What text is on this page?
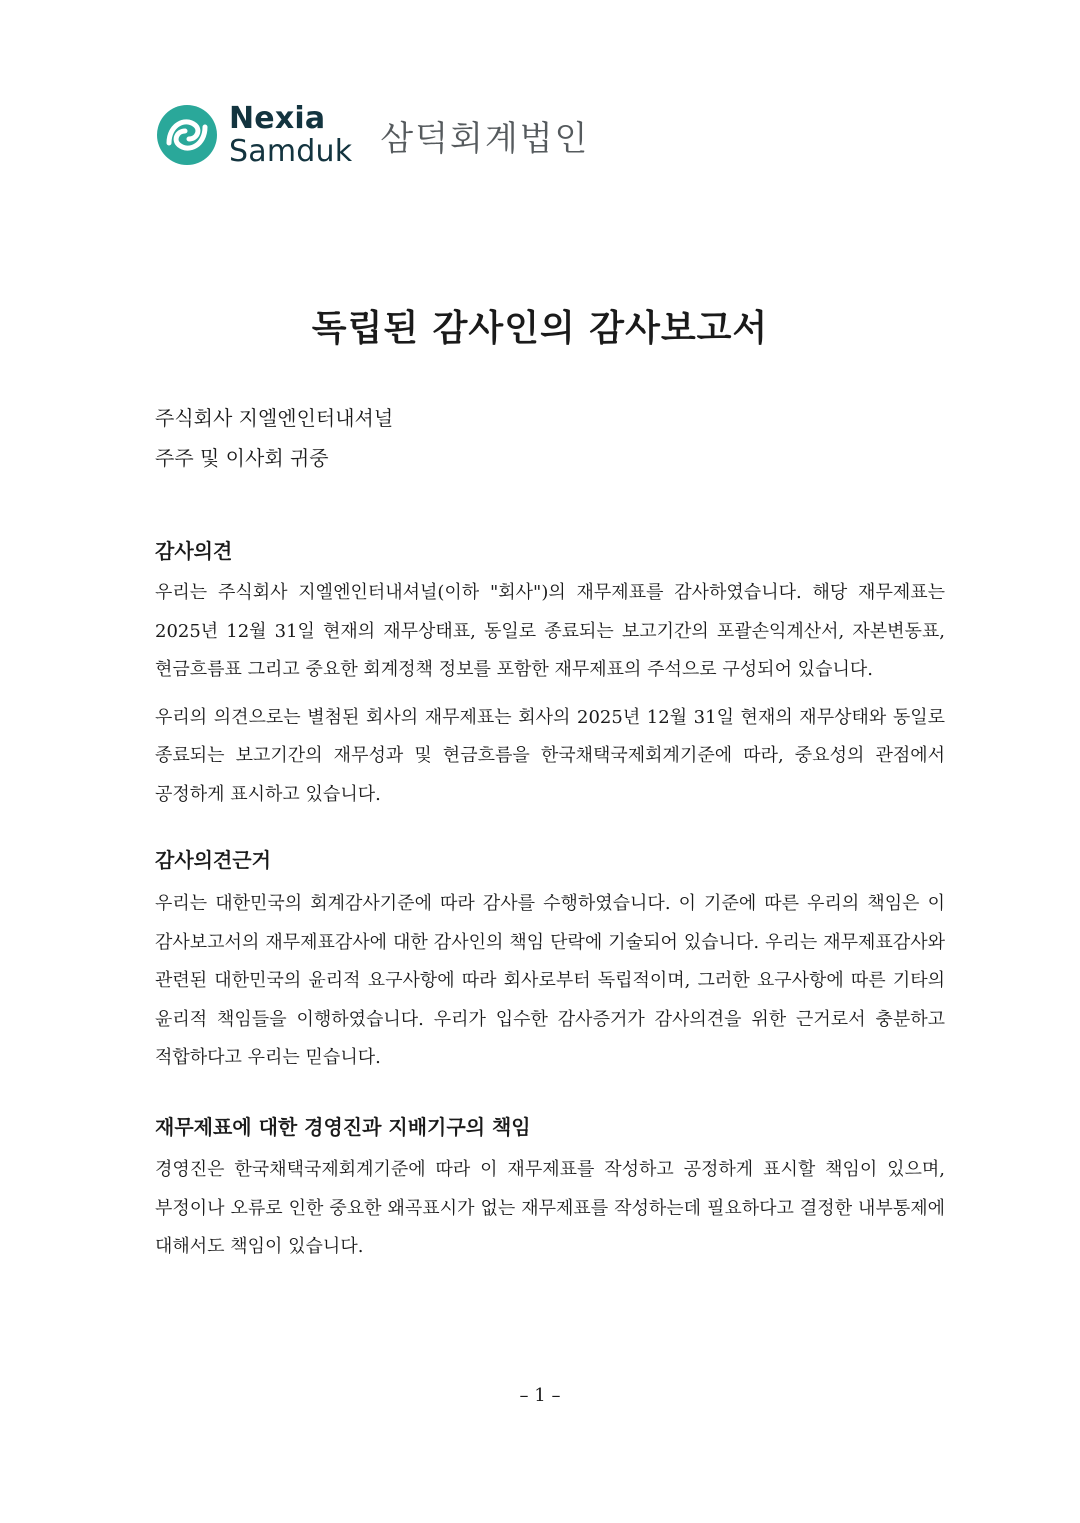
Nexia
Samduk 삼덕회계법인
독립된 감사인의 감사보고서
주식회사 지엘엔인터내셔널
주주 및 이사회 귀중
감사의견

우리는 주식회사 지엘엔인터내셔널(이하 "회사")의 재무제표를 감사하였습니다. 해당 재무제표는 2025년 12월 31일 현재의 재무상태표, 동일로 종료되는 보고기간의 포괄손익계산서, 자본변동표, 현금흐름표 그리고 중요한 회계정책 정보를 포함한 재무제표의 주석으로 구성되어 있습니다.

우리의 의견으로는 별첨된 회사의 재무제표는 회사의 2025년 12월 31일 현재의 재무상태와 동일로 종료되는 보고기간의 재무성과 및 현금흐름을 한국채택국제회계기준에 따라, 중요성의 관점에서 공정하게 표시하고 있습니다.

감사의견근거

우리는 대한민국의 회계감사기준에 따라 감사를 수행하였습니다. 이 기준에 따른 우리의 책임은 이 감사보고서의 재무제표감사에 대한 감사인의 책임 단락에 기술되어 있습니다. 우리는 재무제표감사와 관련된 대한민국의 윤리적 요구사항에 따라 회사로부터 독립적이며, 그러한 요구사항에 따른 기타의 윤리적 책임들을 이행하였습니다. 우리가 입수한 감사증거가 감사의견을 위한 근거로서 충분하고 적합하다고 우리는 믿습니다.

재무제표에 대한 경영진과 지배기구의 책임

경영진은 한국채택국제회계기준에 따라 이 재무제표를 작성하고 공정하게 표시할 책임이 있으며, 부정이나 오류로 인한 중요한 왜곡표시가 없는 재무제표를 작성하는데 필요하다고 결정한 내부통제에 대해서도 책임이 있습니다.

– 1 –
